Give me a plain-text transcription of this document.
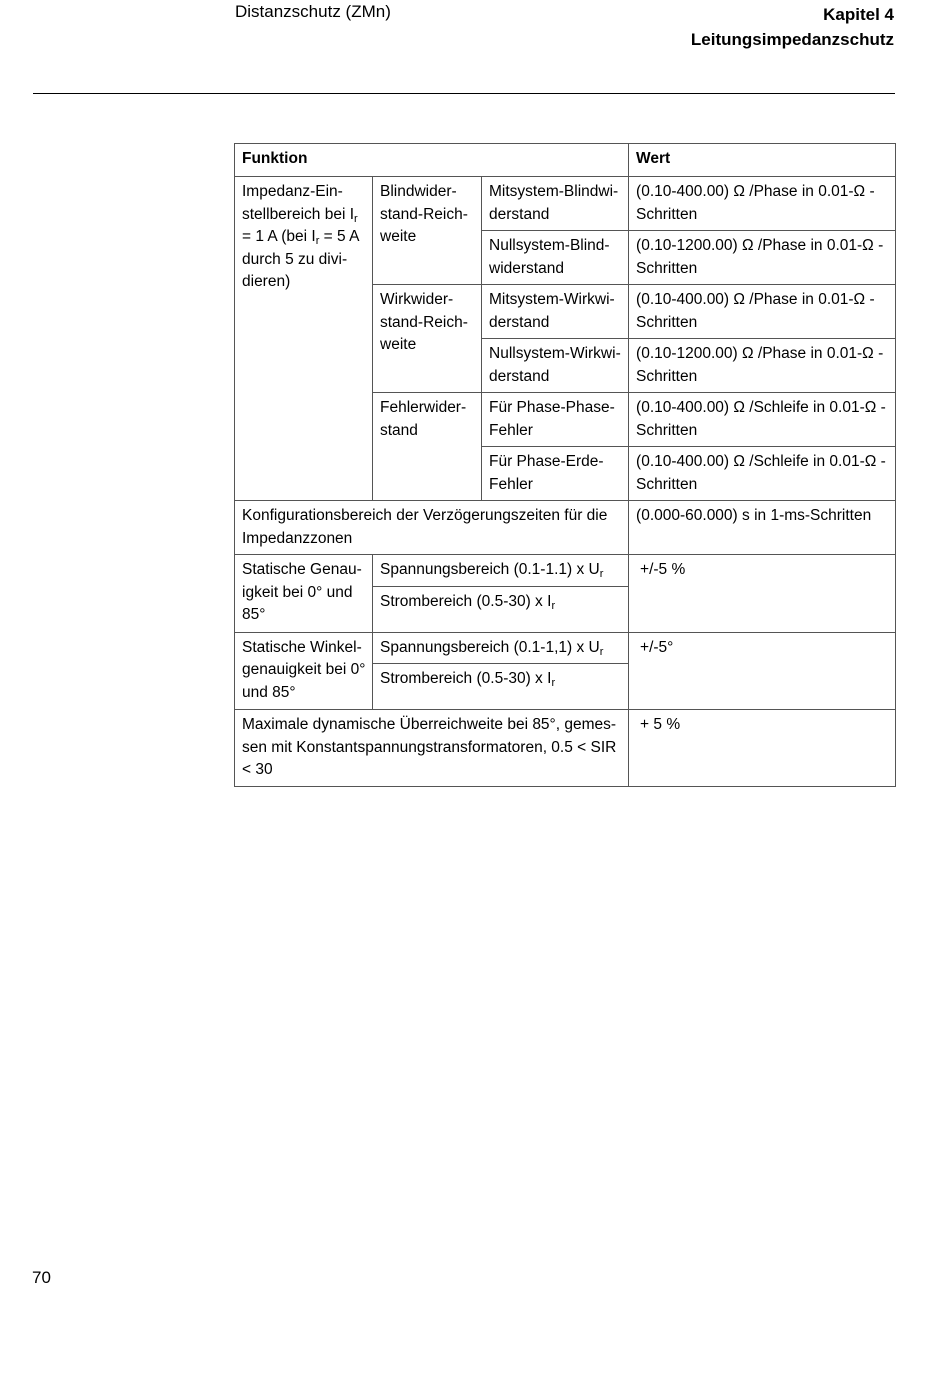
Distanzschutz (ZMn)	Kapitel 4
Leitungsimpedanzschutz
Funktion			Wert
Impedanz-Ein-
stellbereich bei $I_r$
= 1 A (bei $I_r = 5$ A
durch 5 zu divi-
dieren)	Blindwider-stand-Reich-weite	Mitsystem-Blindwi-derstand	(0.10-400.00) Ω /Phase in 0.01-Ω -Schritten
		Nullsystem-Blind-widerstand	(0.10-1200.00) Ω /Phase in 0.01-Ω -Schritten
	Wirkwider-stand-Reich-weite	Mitsystem-Wirkwi-derstand	(0.10-400.00) Ω /Phase in 0.01-Ω -Schritten
		Nullsystem-Wirkwi-derstand	(0.10-1200.00) Ω /Phase in 0.01-Ω -Schritten
	Fehlerwider-stand	Für Phase-Phase-Fehler	(0.10-400.00) Ω /Schleife in 0.01-Ω -Schritten
		Für Phase-Erde-Fehler	(0.10-400.00) Ω /Schleife in 0.01-Ω -Schritten
Konfigurationsbereich der Verzögerungszeiten für die Impedanzzonen			(0.000-60.000) s in 1-ms-Schritten
Statische Genau-igkeit bei 0° und 85°	Spannungsbereich (0.1-1.1) x $U_r$		+/-5 %
	Strombereich (0.5-30) x $I_r$
Statische Winkel-genauigkeit bei 0° und 85°	Spannungsbereich (0.1-1,1) x $U_r$		+/-5°
	Strombereich (0.5-30) x $I_r$
Maximale dynamische Überreichweite bei 85°, gemes-sen mit Konstantspannungstransformatoren, 0.5 < SIR < 30			+ 5 %
70
